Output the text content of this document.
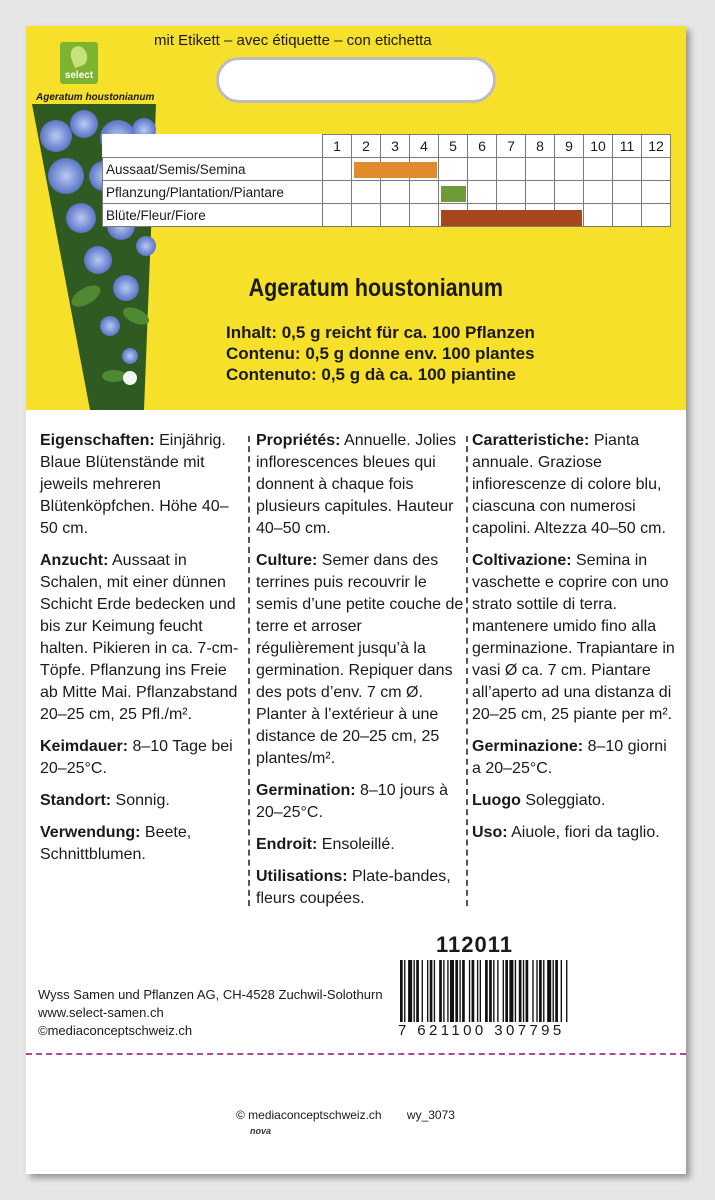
select
Ageratum houstonianum
mit Etikett – avec étiquette – con etichetta
	1	2	3	4	5	6	7	8	9	10	11	12
Aussaat/Semis/Semina												
Pflanzung/Plantation/Piantare												
Blüte/Fleur/Fiore												
Ageratum houstonianum
Inhalt: 0,5 g reicht für ca. 100 Pflanzen
Contenu: 0,5 g donne env. 100 plantes
Contenuto: 0,5 g dà ca. 100 piantine

Eigenschaften: Einjährig. Blaue Blütenstände mit jeweils mehreren Blütenköpfchen. Höhe 40–50 cm.

Anzucht: Aussaat in Schalen, mit einer dünnen Schicht Erde bedecken und bis zur Keimung feucht halten. Pikieren in ca. 7-cm-Töpfe. Pflanzung ins Freie ab Mitte Mai. Pflanzabstand 20–25 cm, 25 Pfl./m².

Keimdauer: 8–10 Tage bei 20–25°C.

Standort: Sonnig.

Verwendung: Beete, Schnittblumen.

Propriétés: Annuelle. Jolies inflorescences bleues qui donnent à chaque fois plusieurs capitules. Hauteur 40–50 cm.

Culture: Semer dans des terrines puis recouvrir le semis d’une petite couche de terre et arroser régulièrement jusqu’à la germination. Repiquer dans des pots d’env. 7 cm Ø. Planter à l’extérieur à une distance de 20–25 cm, 25 plantes/m².

Germination: 8–10 jours à 20–25°C.

Endroit: Ensoleillé.

Utilisations: Plate-bandes, fleurs coupées.

Caratteristiche: Pianta annuale. Graziose infiorescenze di colore blu, ciascuna con numerosi capolini. Altezza 40–50 cm.

Coltivazione: Semina in vaschette e coprire con uno strato sottile di terra. mantenere umido fino alla germinazione. Trapiantare in vasi Ø ca. 7 cm. Piantare all’aperto ad una distanza di 20–25 cm, 25 piante per m².

Germinazione: 8–10 giorni a 20–25°C.

Luogo Soleggiato.

Uso: Aiuole, fiori da taglio.

112011
7 621100 307795
Wyss Samen und Pflanzen AG, CH-4528 Zuchwil-Solothurn
www.select-samen.ch
©mediaconceptschweiz.ch
© mediaconceptschweiz.ch wy_3073
nova
